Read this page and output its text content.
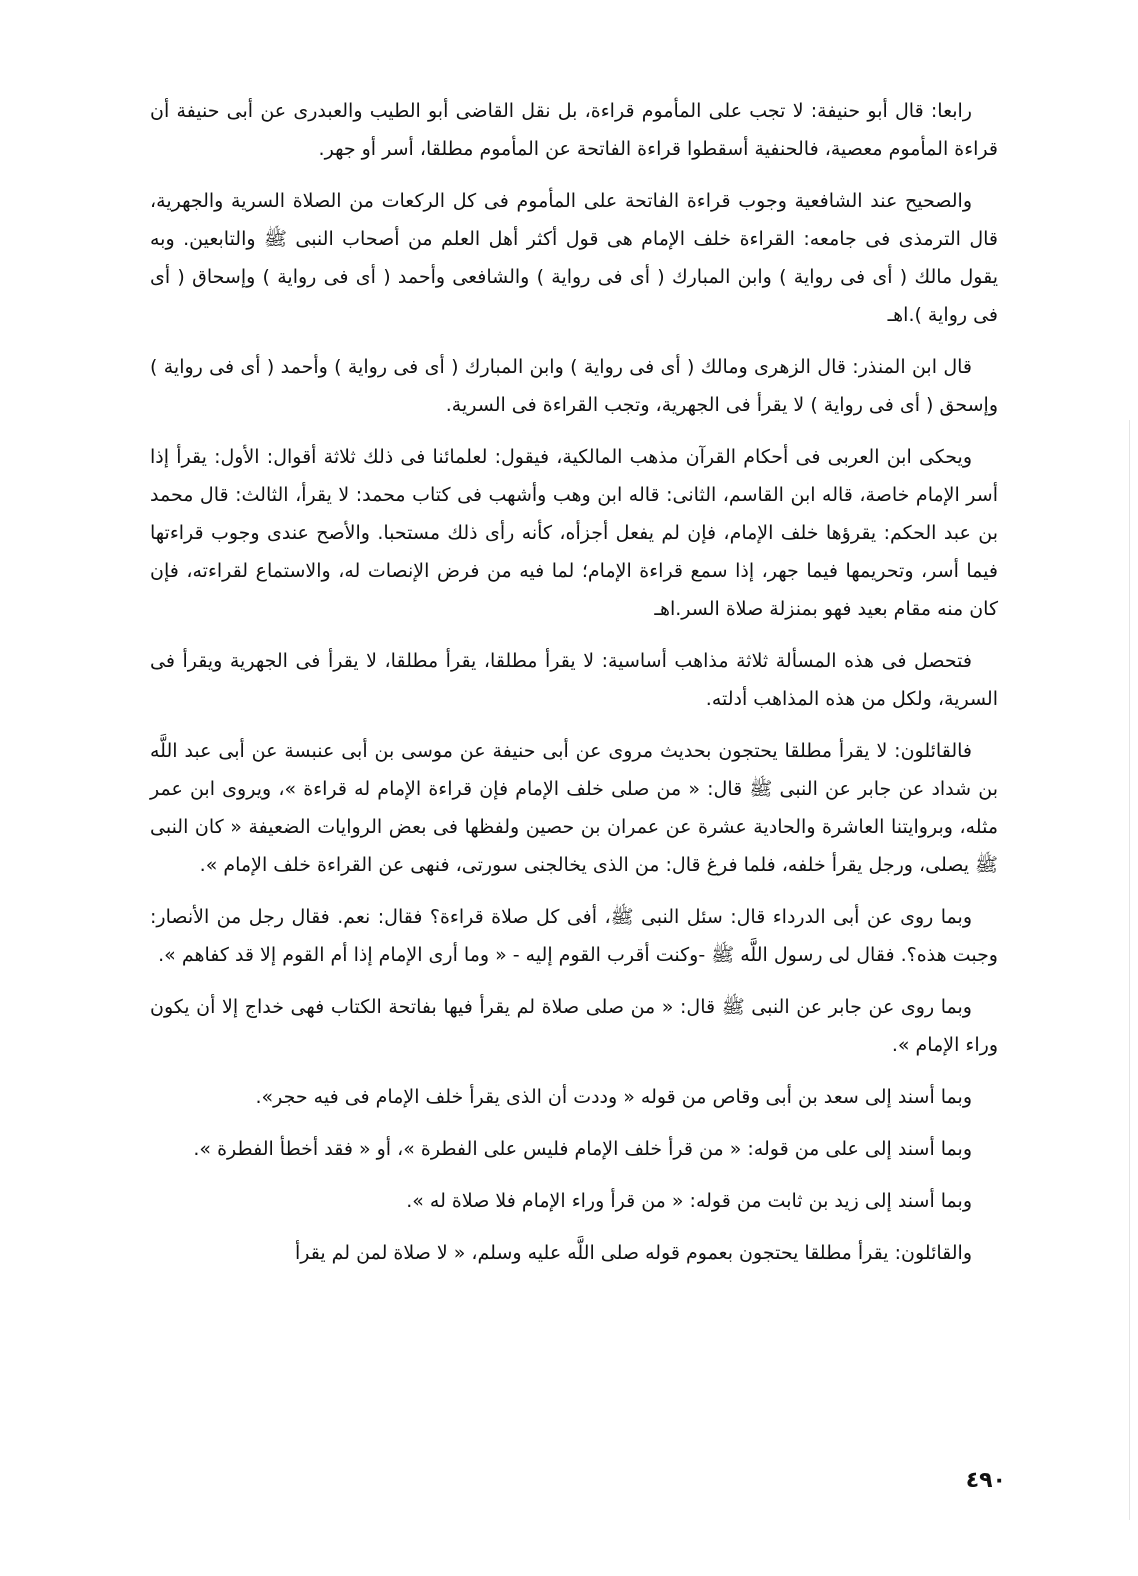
رابعا: قال أبو حنيفة: لا تجب على المأموم قراءة، بل نقل القاضى أبو الطيب والعبدرى عن أبى حنيفة أن قراءة المأموم معصية، فالحنفية أسقطوا قراءة الفاتحة عن المأموم مطلقا، أسر أو جهر.

والصحيح عند الشافعية وجوب قراءة الفاتحة على المأموم فى كل الركعات من الصلاة السرية والجهرية، قال الترمذى فى جامعه: القراءة خلف الإمام هى قول أكثر أهل العلم من أصحاب النبى ﷺ والتابعين. وبه يقول مالك ( أى فى رواية ) وابن المبارك ( أى فى رواية ) والشافعى وأحمد ( أى فى رواية ) وإسحاق ( أى فى رواية ).اهـ

قال ابن المنذر: قال الزهرى ومالك ( أى فى رواية ) وابن المبارك ( أى فى رواية ) وأحمد ( أى فى رواية ) وإسحق ( أى فى رواية ) لا يقرأ فى الجهرية، وتجب القراءة فى السرية.

ويحكى ابن العربى فى أحكام القرآن مذهب المالكية، فيقول: لعلمائنا فى ذلك ثلاثة أقوال: الأول: يقرأ إذا أسر الإمام خاصة، قاله ابن القاسم، الثانى: قاله ابن وهب وأشهب فى كتاب محمد: لا يقرأ، الثالث: قال محمد بن عبد الحكم: يقرؤها خلف الإمام، فإن لم يفعل أجزأه، كأنه رأى ذلك مستحبا. والأصح عندى وجوب قراءتها فيما أسر، وتحريمها فيما جهر، إذا سمع قراءة الإمام؛ لما فيه من فرض الإنصات له، والاستماع لقراءته، فإن كان منه مقام بعيد فهو بمنزلة صلاة السر.اهـ

فتحصل فى هذه المسألة ثلاثة مذاهب أساسية: لا يقرأ مطلقا، يقرأ مطلقا، لا يقرأ فى الجهرية ويقرأ فى السرية، ولكل من هذه المذاهب أدلته.

فالقائلون: لا يقرأ مطلقا يحتجون بحديث مروى عن أبى حنيفة عن موسى بن أبى عنبسة عن أبى عبد اللَّه بن شداد عن جابر عن النبى ﷺ قال: « من صلى خلف الإمام فإن قراءة الإمام له قراءة »، ويروى ابن عمر مثله، وبروايتنا العاشرة والحادية عشرة عن عمران بن حصين ولفظها فى بعض الروايات الضعيفة « كان النبى ﷺ يصلى، ورجل يقرأ خلفه، فلما فرغ قال: من الذى يخالجنى سورتى، فنهى عن القراءة خلف الإمام ».

وبما روى عن أبى الدرداء قال: سئل النبى ﷺ، أفى كل صلاة قراءة؟ فقال: نعم. فقال رجل من الأنصار: وجبت هذه؟. فقال لى رسول اللَّه ﷺ -وكنت أقرب القوم إليه - « وما أرى الإمام إذا أم القوم إلا قد كفاهم ».

وبما روى عن جابر عن النبى ﷺ قال: « من صلى صلاة لم يقرأ فيها بفاتحة الكتاب فهى خداج إلا أن يكون وراء الإمام ».

وبما أسند إلى سعد بن أبى وقاص من قوله « وددت أن الذى يقرأ خلف الإمام فى فيه حجر».

وبما أسند إلى على من قوله: « من قرأ خلف الإمام فليس على الفطرة »، أو « فقد أخطأ الفطرة ».

وبما أسند إلى زيد بن ثابت من قوله: « من قرأ وراء الإمام فلا صلاة له ».

والقائلون: يقرأ مطلقا يحتجون بعموم قوله صلى اللَّه عليه وسلم، « لا صلاة لمن لم يقرأ

٤٩٠
